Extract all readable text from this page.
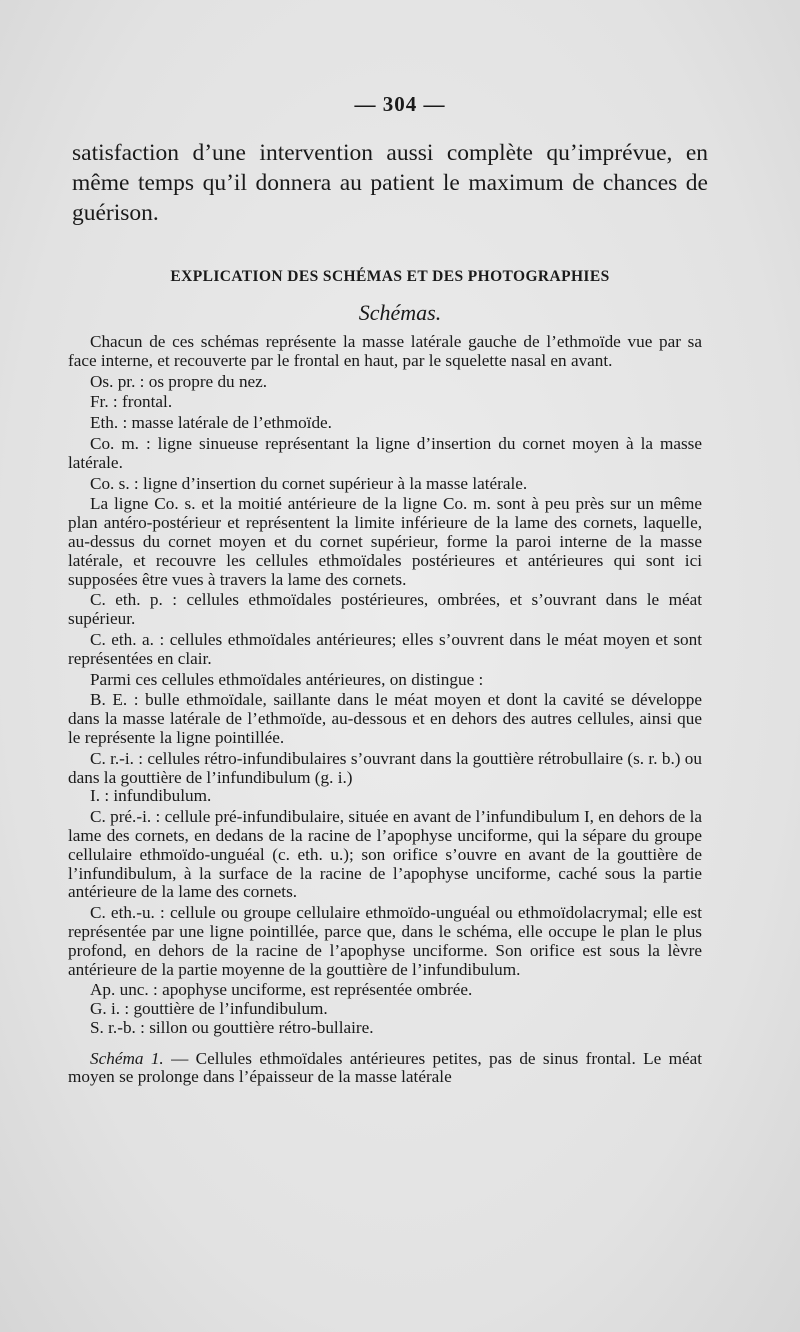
— 304 —
satisfaction d’une intervention aussi complète qu’imprévue, en même temps qu’il donnera au patient le maximum de chances de guérison.
EXPLICATION DES SCHÉMAS ET DES PHOTOGRAPHIES
Schémas.

Chacun de ces schémas représente la masse latérale gauche de l’ethmoïde vue par sa face interne, et recouverte par le frontal en haut, par le squelette nasal en avant.

Os. pr. : os propre du nez.

Fr. : frontal.

Eth. : masse latérale de l’ethmoïde.

Co. m. : ligne sinueuse représentant la ligne d’insertion du cornet moyen à la masse latérale.

Co. s. : ligne d’insertion du cornet supérieur à la masse latérale.

La ligne Co. s. et la moitié antérieure de la ligne Co. m. sont à peu près sur un même plan antéro-postérieur et représentent la limite inférieure de la lame des cornets, laquelle, au-dessus du cornet moyen et du cornet supérieur, forme la paroi interne de la masse latérale, et recouvre les cellules ethmoïdales postérieures et antérieures qui sont ici supposées être vues à travers la lame des cornets.

C. eth. p. : cellules ethmoïdales postérieures, ombrées, et s’ouvrant dans le méat supérieur.

C. eth. a. : cellules ethmoïdales antérieures; elles s’ouvrent dans le méat moyen et sont représentées en clair.

Parmi ces cellules ethmoïdales antérieures, on distingue :

B. E. : bulle ethmoïdale, saillante dans le méat moyen et dont la cavité se développe dans la masse latérale de l’ethmoïde, au-dessous et en dehors des autres cellules, ainsi que le représente la ligne pointillée.

C. r.-i. : cellules rétro-infundibulaires s’ouvrant dans la gouttière rétrobullaire (s. r. b.) ou dans la gouttière de l’infundibulum (g. i.)

I. : infundibulum.

C. pré.-i. : cellule pré-infundibulaire, située en avant de l’infundibulum I, en dehors de la lame des cornets, en dedans de la racine de l’apophyse unciforme, qui la sépare du groupe cellulaire ethmoïdo-unguéal (c. eth. u.); son orifice s’ouvre en avant de la gouttière de l’infundibulum, à la surface de la racine de l’apophyse unciforme, caché sous la partie antérieure de la lame des cornets.

C. eth.-u. : cellule ou groupe cellulaire ethmoïdo-unguéal ou ethmoïdolacrymal; elle est représentée par une ligne pointillée, parce que, dans le schéma, elle occupe le plan le plus profond, en dehors de la racine de l’apophyse unciforme. Son orifice est sous la lèvre antérieure de la partie moyenne de la gouttière de l’infundibulum.

Ap. unc. : apophyse unciforme, est représentée ombrée.

G. i. : gouttière de l’infundibulum.

S. r.-b. : sillon ou gouttière rétro-bullaire.

Schéma 1. — Cellules ethmoïdales antérieures petites, pas de sinus frontal. Le méat moyen se prolonge dans l’épaisseur de la masse latérale
